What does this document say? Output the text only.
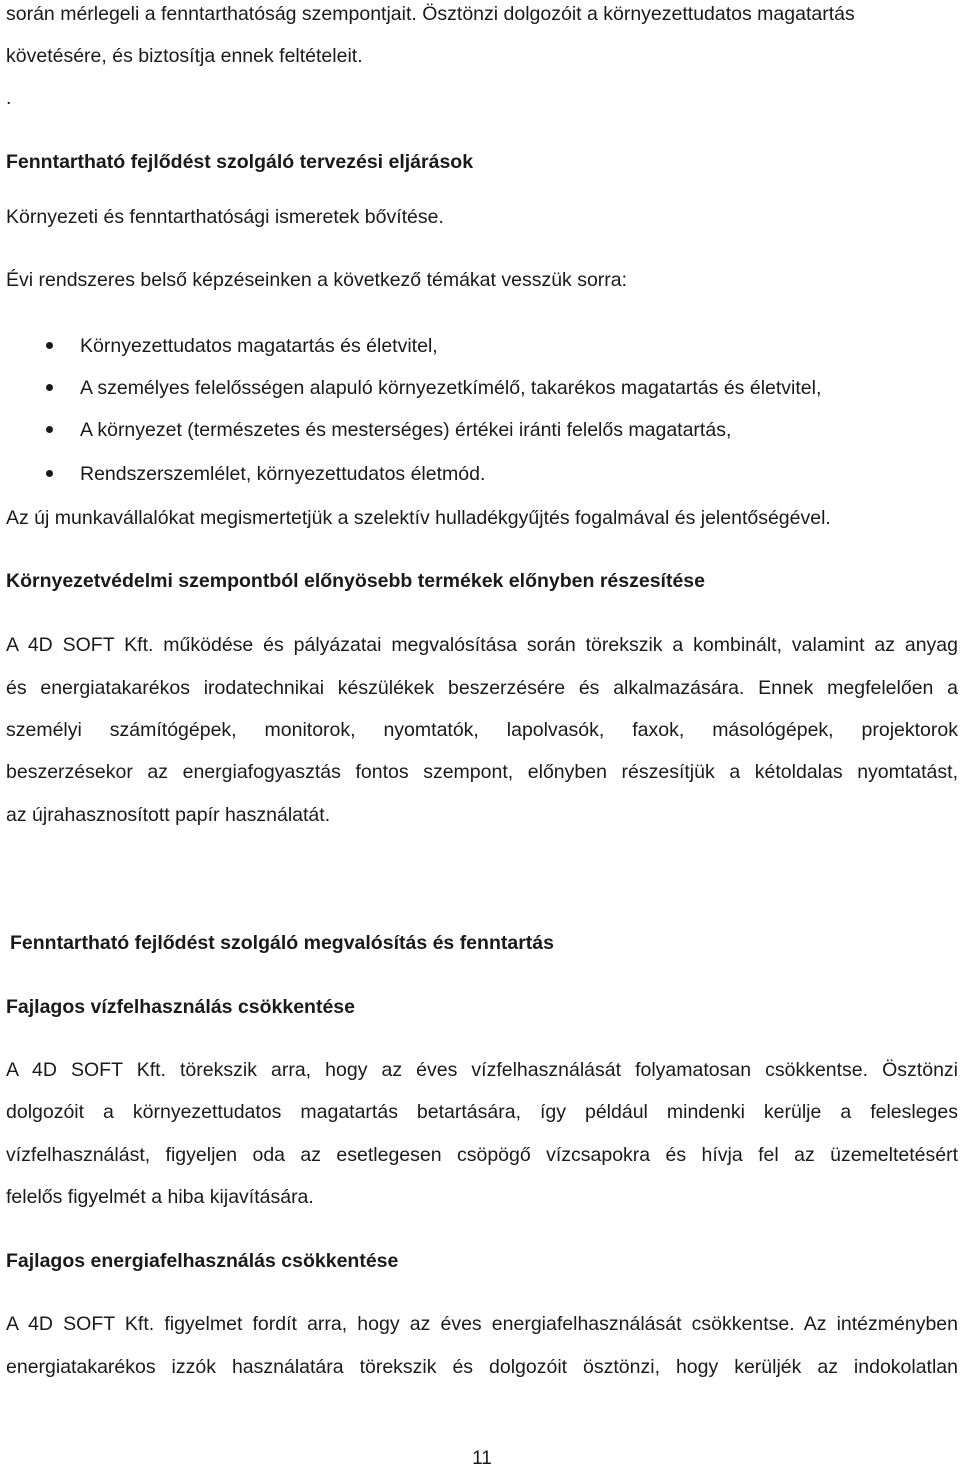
során mérlegeli a fenntarthatóság szempontjait. Ösztönzi dolgozóit a környezettudatos magatartás
követésére, és biztosítja ennek feltételeit.
.
Fenntartható fejlődést szolgáló tervezési eljárások
Környezeti és fenntarthatósági ismeretek bővítése.
Évi rendszeres belső képzéseinken a következő témákat vesszük sorra:
Környezettudatos magatartás és életvitel,
A személyes felelősségen alapuló környezetkímélő, takarékos magatartás és életvitel,
A környezet (természetes és mesterséges) értékei iránti felelős magatartás,
Rendszerszemlélet, környezettudatos életmód.
Az új munkavállalókat megismertetjük a szelektív hulladékgyűjtés fogalmával és jelentőségével.
Környezetvédelmi szempontból előnyösebb termékek előnyben részesítése
A 4D SOFT Kft. működése és pályázatai megvalósítása során törekszik a kombinált, valamint az anyag
és energiatakarékos irodatechnikai készülékek beszerzésére és alkalmazására. Ennek megfelelően a
személyi számítógépek, monitorok, nyomtatók, lapolvasók, faxok, másológépek, projektorok
beszerzésekor az energiafogyasztás fontos szempont, előnyben részesítjük a kétoldalas nyomtatást,
az újrahasznosított papír használatát.
Fenntartható fejlődést szolgáló megvalósítás és fenntartás
Fajlagos vízfelhasználás csökkentése
A 4D SOFT Kft. törekszik arra, hogy az éves vízfelhasználását folyamatosan csökkentse. Ösztönzi
dolgozóit a környezettudatos magatartás betartására, így például mindenki kerülje a felesleges
vízfelhasználást, figyeljen oda az esetlegesen csöpögő vízcsapokra és hívja fel az üzemeltetésért
felelős figyelmét a hiba kijavítására.
Fajlagos energiafelhasználás csökkentése
A 4D SOFT Kft. figyelmet fordít arra, hogy az éves energiafelhasználását csökkentse. Az intézményben
energiatakarékos izzók használatára törekszik és dolgozóit ösztönzi, hogy kerüljék az indokolatlan
11
